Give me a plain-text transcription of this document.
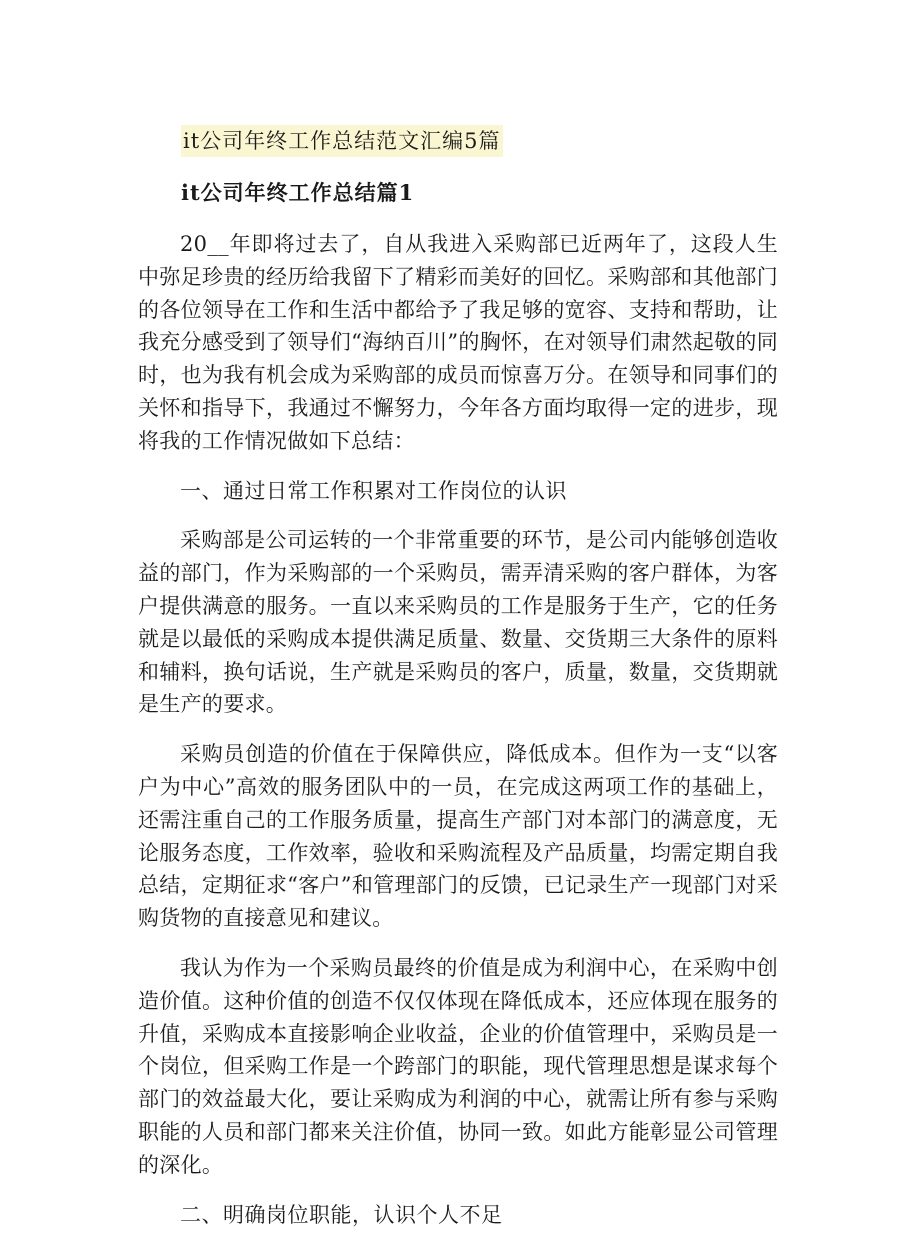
it公司年终工作总结范文汇编5篇
it公司年终工作总结篇1

20__年即将过去了，自从我进入采购部已近两年了，这段人生中弥足珍贵的经历给我留下了精彩而美好的回忆。采购部和其他部门的各位领导在工作和生活中都给予了我足够的宽容、支持和帮助，让我充分感受到了领导们“海纳百川”的胸怀，在对领导们肃然起敬的同时，也为我有机会成为采购部的成员而惊喜万分。在领导和同事们的关怀和指导下，我通过不懈努力，今年各方面均取得一定的进步，现将我的工作情况做如下总结：

一、通过日常工作积累对工作岗位的认识

采购部是公司运转的一个非常重要的环节，是公司内能够创造收益的部门，作为采购部的一个采购员，需弄清采购的客户群体，为客户提供满意的服务。一直以来采购员的工作是服务于生产，它的任务就是以最低的采购成本提供满足质量、数量、交货期三大条件的原料和辅料，换句话说，生产就是采购员的客户，质量，数量，交货期就是生产的要求。

采购员创造的价值在于保障供应，降低成本。但作为一支“以客户为中心”高效的服务团队中的一员，在完成这两项工作的基础上，还需注重自己的工作服务质量，提高生产部门对本部门的满意度，无论服务态度，工作效率，验收和采购流程及产品质量，均需定期自我总结，定期征求“客户”和管理部门的反馈，已记录生产一现部门对采购货物的直接意见和建议。

我认为作为一个采购员最终的价值是成为利润中心，在采购中创造价值。这种价值的创造不仅仅体现在降低成本，还应体现在服务的升值，采购成本直接影响企业收益，企业的价值管理中，采购员是一个岗位，但采购工作是一个跨部门的职能，现代管理思想是谋求每个部门的效益最大化，要让采购成为利润的中心，就需让所有参与采购职能的人员和部门都来关注价值，协同一致。如此方能彰显公司管理的深化。

二、明确岗位职能，认识个人不足
